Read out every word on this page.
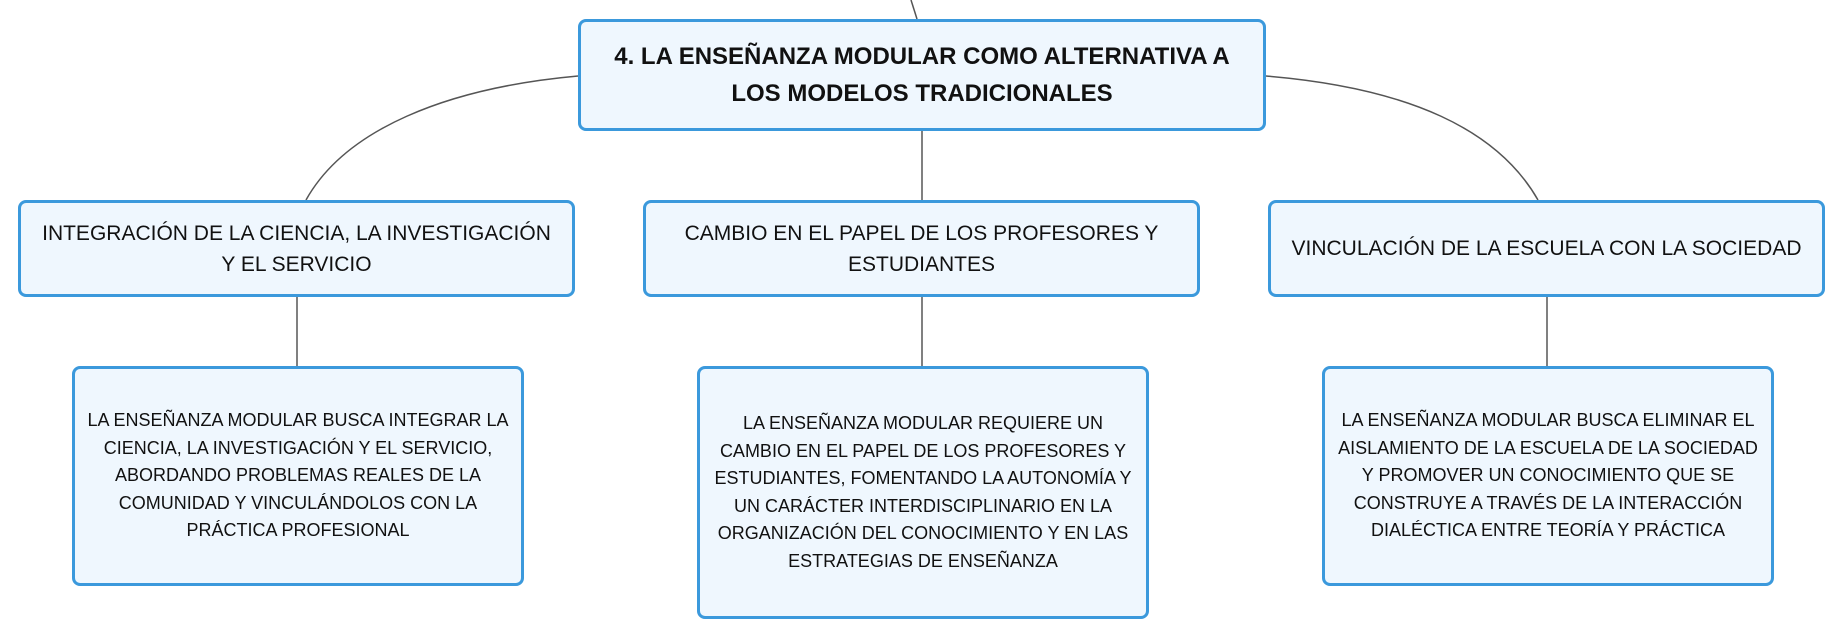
4. LA ENSEÑANZA MODULAR COMO ALTERNATIVA A LOS MODELOS TRADICIONALES
INTEGRACIÓN DE LA CIENCIA, LA INVESTIGACIÓN Y EL SERVICIO
CAMBIO EN EL PAPEL DE LOS PROFESORES Y ESTUDIANTES
VINCULACIÓN DE LA ESCUELA CON LA SOCIEDAD
LA ENSEÑANZA MODULAR BUSCA INTEGRAR LA CIENCIA, LA INVESTIGACIÓN Y EL SERVICIO, ABORDANDO PROBLEMAS REALES DE LA COMUNIDAD Y VINCULÁNDOLOS CON LA PRÁCTICA PROFESIONAL
LA ENSEÑANZA MODULAR REQUIERE UN CAMBIO EN EL PAPEL DE LOS PROFESORES Y ESTUDIANTES, FOMENTANDO LA AUTONOMÍA Y UN CARÁCTER INTERDISCIPLINARIO EN LA ORGANIZACIÓN DEL CONOCIMIENTO Y EN LAS ESTRATEGIAS DE ENSEÑANZA
LA ENSEÑANZA MODULAR BUSCA ELIMINAR EL AISLAMIENTO DE LA ESCUELA DE LA SOCIEDAD Y PROMOVER UN CONOCIMIENTO QUE SE CONSTRUYE A TRAVÉS DE LA INTERACCIÓN DIALÉCTICA ENTRE TEORÍA Y PRÁCTICA
